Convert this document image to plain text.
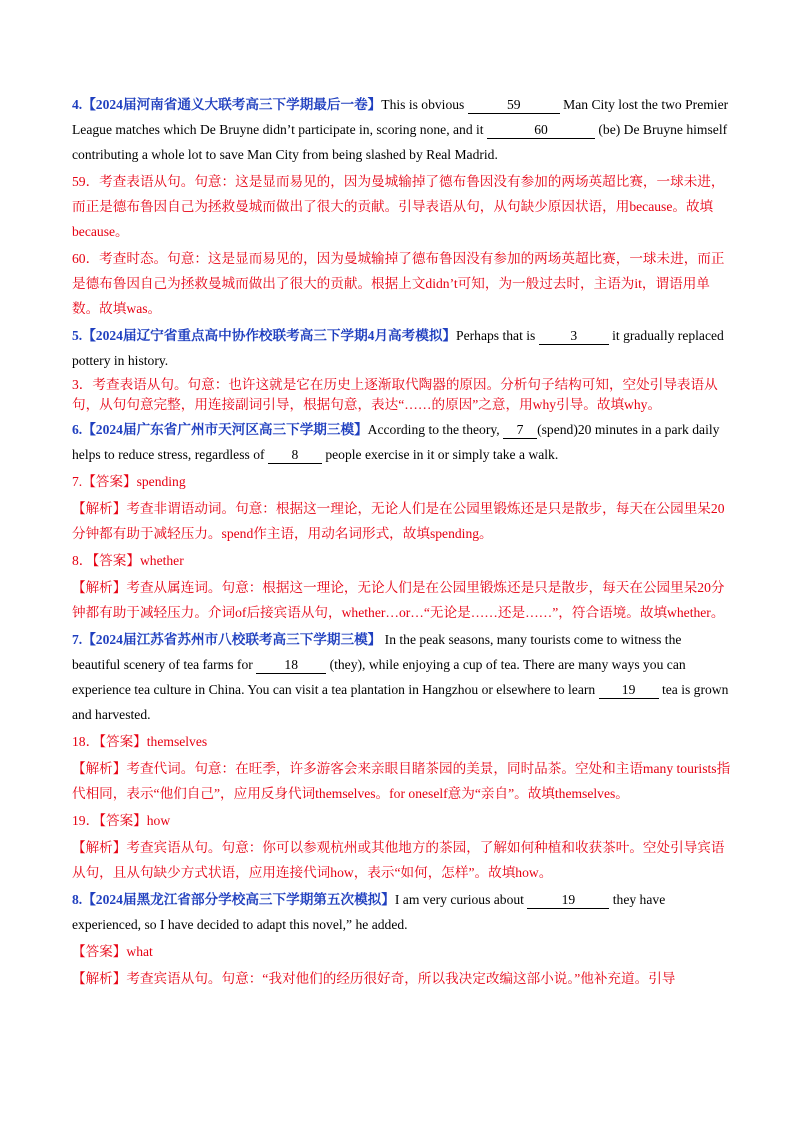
4.【2024届河南省通义大联考高三下学期最后一卷】This is obvious	59	Man City lost the two Premier League matches which De Bruyne didn’t participate in, scoring none, and it	60	(be) De Bruyne himself contributing a whole lot to save Man City from being slashed by Real Madrid.

59．考查表语从句。句意：这是显而易见的，因为曼城输掉了德布鲁因没有参加的两场英超比赛，一球未进，而正是德布鲁因自己为拯救曼城而做出了很大的贡献。引导表语从句，从句缺少原因状语，用because。故填because。

60．考查时态。句意：这是显而易见的，因为曼城输掉了德布鲁因没有参加的两场英超比赛，一球未进，而正是德布鲁因自己为拯救曼城而做出了很大的贡献。根据上文didn’t可知，为一般过去时，主语为it，谓语用单数。故填was。

5.【2024届辽宁省重点高中协作校联考高三下学期4月高考模拟】Perhaps that is 3 it gradually replaced pottery in history.

3．考查表语从句。句意：也许这就是它在历史上逐渐取代陶器的原因。分析句子结构可知，空处引导表语从句，从句句意完整，用连接副词引导，根据句意，表达“……的原因”之意，用why引导。故填why。

6.【2024届广东省广州市天河区高三下学期三模】According to the theory, 7 (spend)20 minutes in a park daily helps to reduce stress, regardless of 8 people exercise in it or simply take a walk.

7.【答案】spending

【解析】考查非谓语动词。句意：根据这一理论，无论人们是在公园里锻炼还是只是散步，每天在公园里呆20分钟都有助于减轻压力。spend作主语，用动名词形式，故填spending。

8．【答案】whether

【解析】考查从属连词。句意：根据这一理论，无论人们是在公园里锻炼还是只是散步，每天在公园里呆20分钟都有助于减轻压力。介词of后接宾语从句，whether…or…“无论是……还是……”，符合语境。故填whether。

7.【2024届江苏省苏州市八校联考高三下学期三模】 In the peak seasons, many tourists come to witness the beautiful scenery of tea farms for 18 (they), while enjoying a cup of tea. There are many ways you can experience tea culture in China. You can visit a tea plantation in Hangzhou or elsewhere to learn 19 tea is grown and harvested.

18．【答案】themselves

【解析】考查代词。句意：在旺季，许多游客会来亲眼目睹茶园的美景，同时品茶。空处和主语many tourists指代相同，表示“他们自己”，应用反身代词themselves。for oneself意为“亲自”。故填themselves。

19．【答案】how

【解析】考查宾语从句。句意：你可以参观杭州或其他地方的茶园，了解如何种植和收获茶叶。空处引导宾语从句，且从句缺少方式状语，应用连接代词how，表示“如何，怎样”。故填how。

8.【2024届黑龙江省部分学校高三下学期第五次模拟】I am very curious about	19	they have experienced, so I have decided to adapt this novel,” he added.

【答案】what

【解析】考查宾语从句。句意：“我对他们的经历很好奇，所以我决定改编这部小说。”他补充道。引导
